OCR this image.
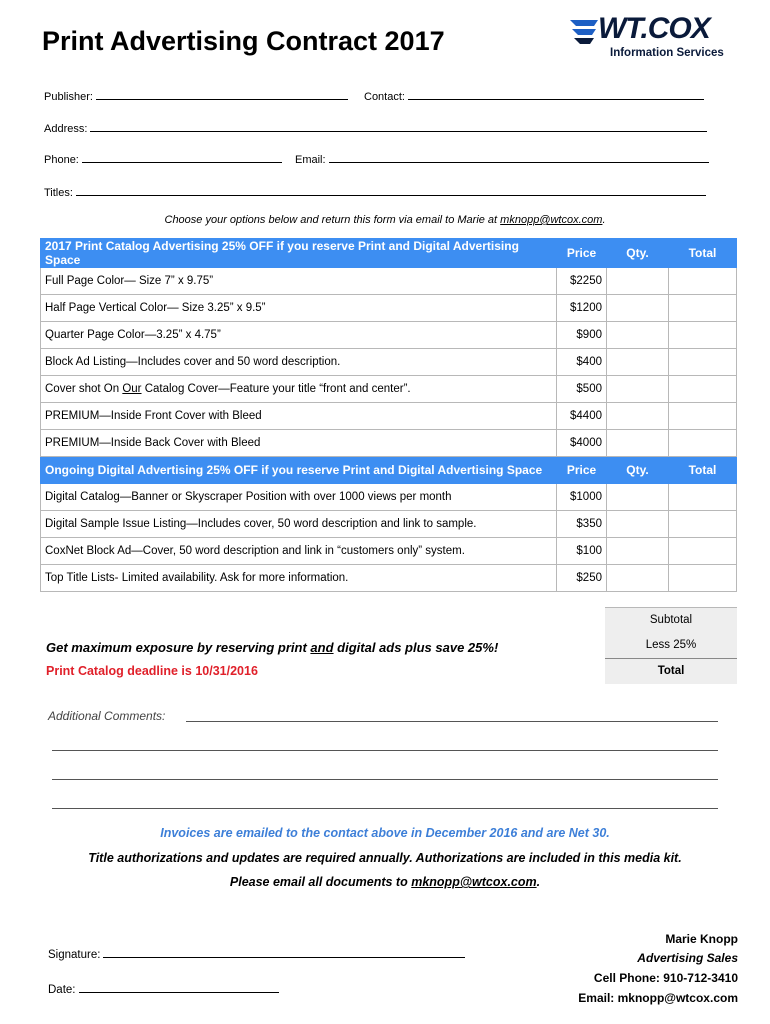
Print Advertising Contract 2017	WT.COX
Information Services
Publisher:	Contact:
Address:
Phone:	Email:
Titles:
Choose your options below and return this form via email to Marie at mknopp@wtcox.com.
2017 Print Catalog Advertising 25% OFF if you reserve Print and Digital Advertising Space	Price	Qty.	Total
Full Page Color— Size 7” x 9.75”	$2250		
Half Page Vertical Color— Size 3.25” x 9.5”	$1200		
Quarter Page Color—3.25” x 4.75”	$900		
Block Ad Listing—Includes cover and 50 word description.	$400		
Cover shot On Our Catalog Cover—Feature your title “front and center”.	$500		
PREMIUM—Inside Front Cover with Bleed	$4400		
PREMIUM—Inside Back Cover with Bleed	$4000		
Ongoing Digital Advertising 25% OFF if you reserve Print and Digital Advertising Space	Price	Qty.	Total
Digital Catalog—Banner or Skyscraper Position with over 1000 views per month	$1000		
Digital Sample Issue Listing—Includes cover, 50 word description and link to sample.	$350		
CoxNet Block Ad—Cover, 50 word description and link in “customers only” system.	$100		
Top Title Lists- Limited availability. Ask for more information.	$250		
Subtotal
Less 25%
Total
Get maximum exposure by reserving print and digital ads plus save 25%!
Print Catalog deadline is 10/31/2016
Additional Comments:
Invoices are emailed to the contact above in December 2016 and are Net 30.
Title authorizations and updates are required annually. Authorizations are included in this media kit.
Please email all documents to mknopp@wtcox.com.
Signature:
Date:
Marie Knopp
Advertising Sales
Cell Phone: 910-712-3410
Email: mknopp@wtcox.com
